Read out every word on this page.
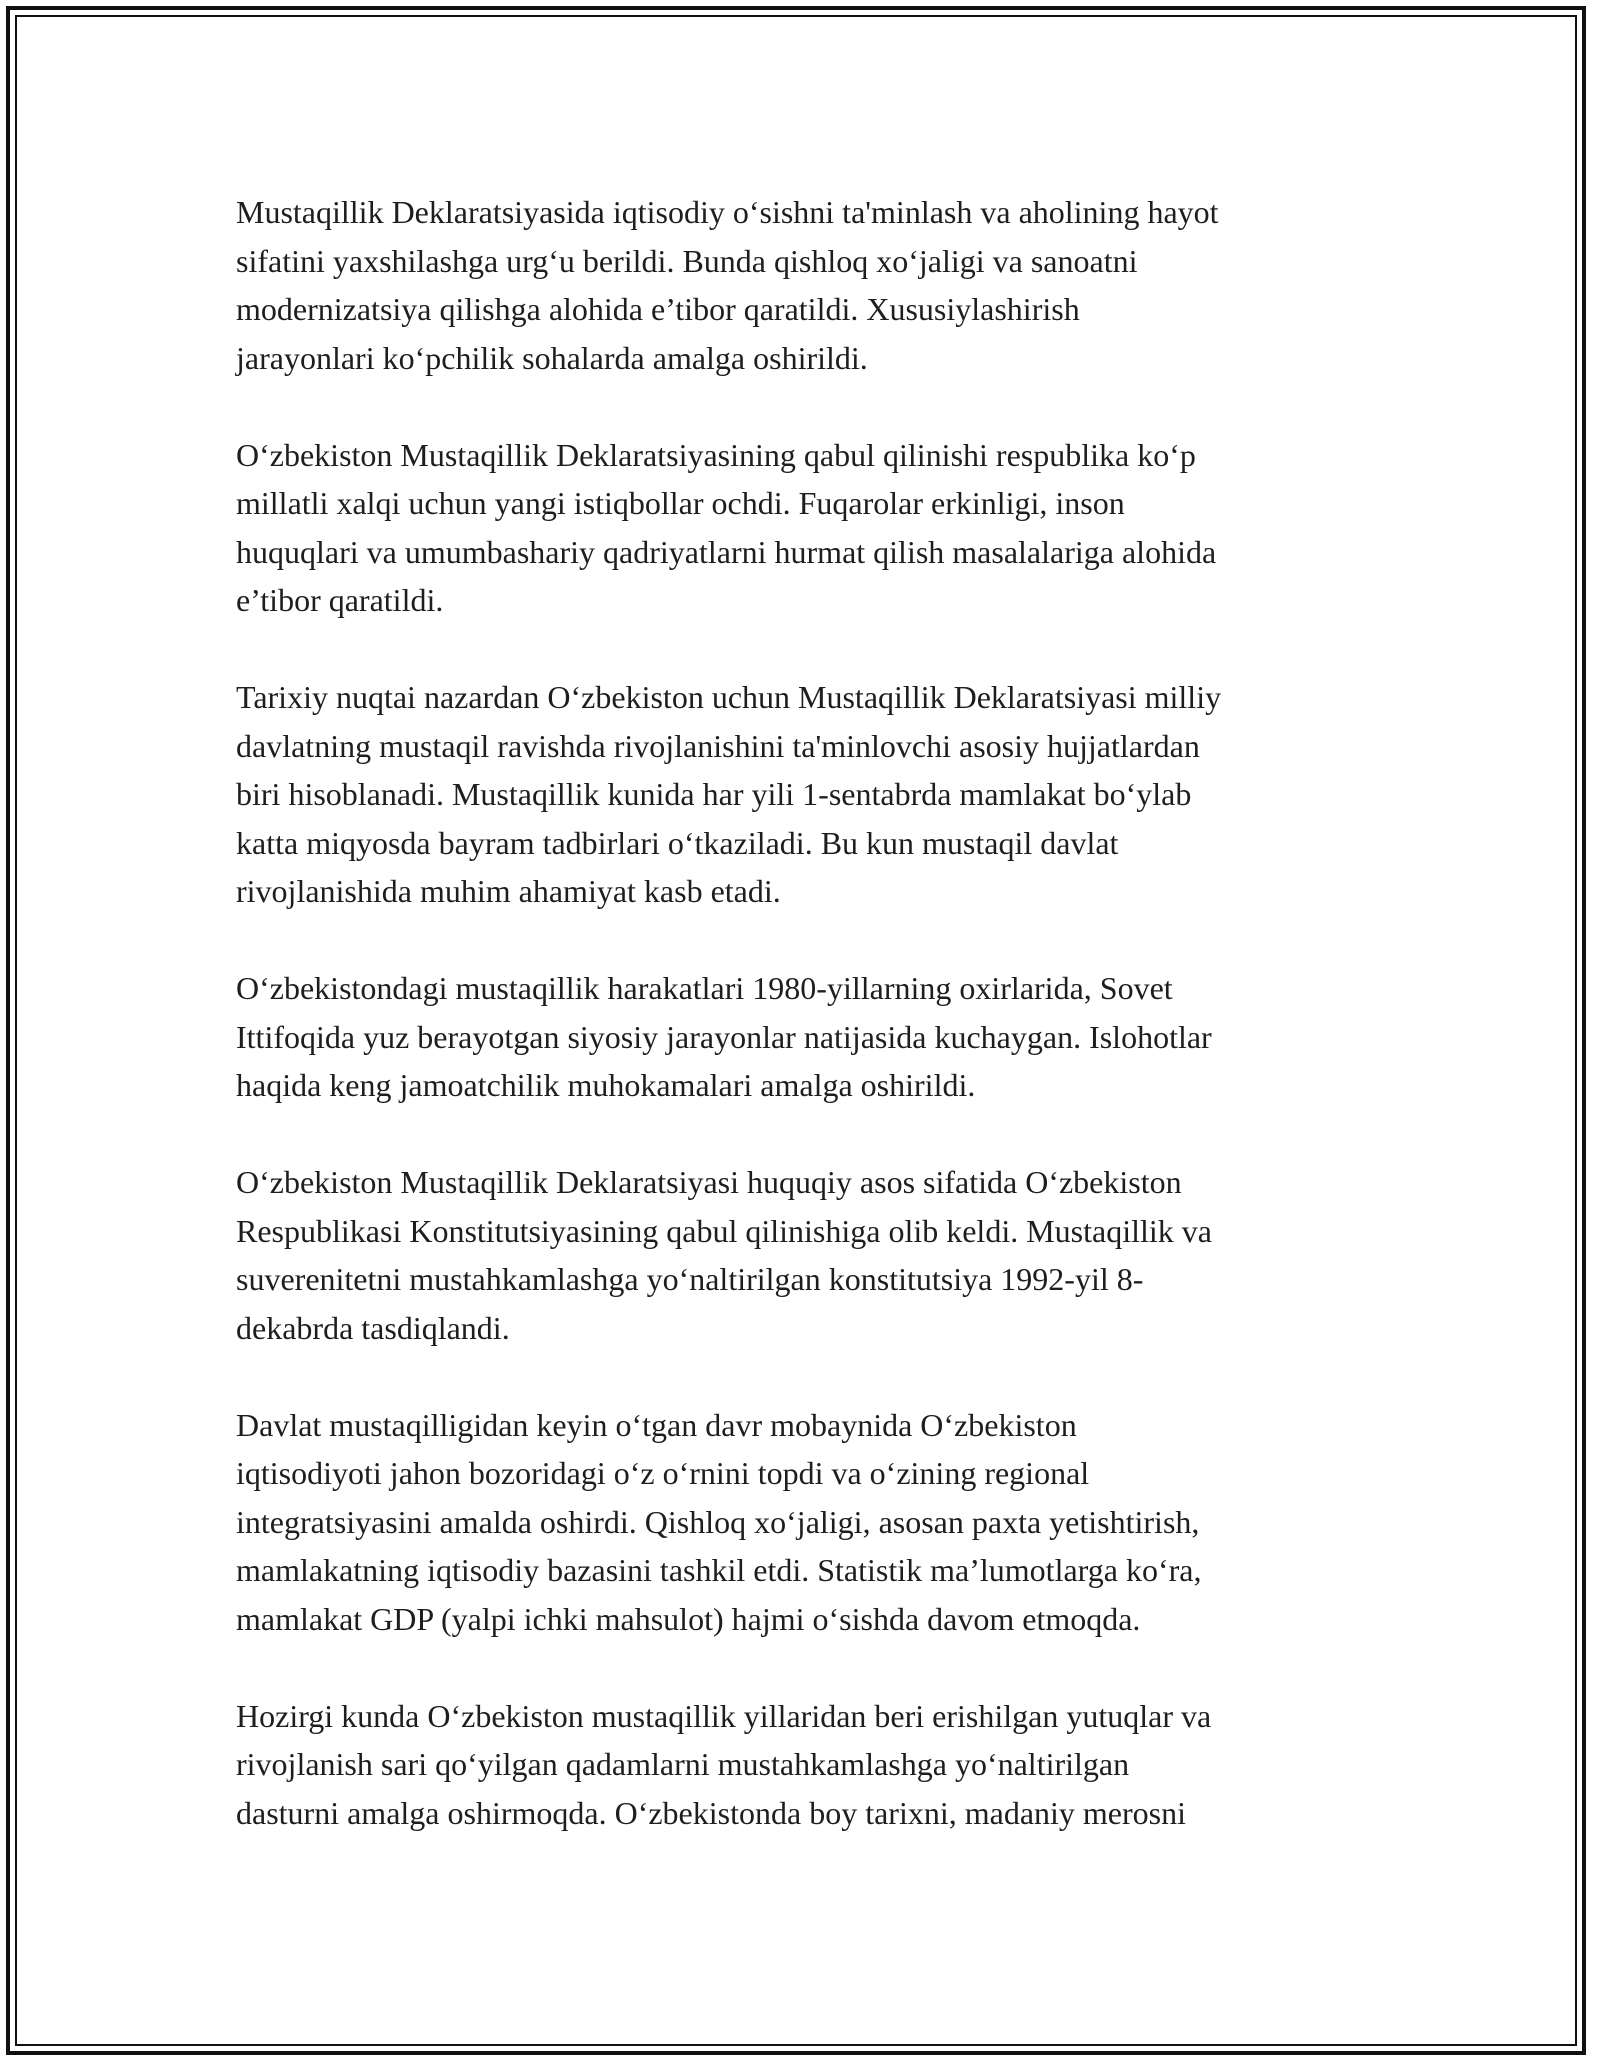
Mustaqillik Deklaratsiyasida iqtisodiy o‘sishni ta'minlash va aholining hayot
sifatini yaxshilashga urg‘u berildi. Bunda qishloq xo‘jaligi va sanoatni
modernizatsiya qilishga alohida e’tibor qaratildi. Xususiylashirish
jarayonlari ko‘pchilik sohalarda amalga oshirildi.

O‘zbekiston Mustaqillik Deklaratsiyasining qabul qilinishi respublika ko‘p
millatli xalqi uchun yangi istiqbollar ochdi. Fuqarolar erkinligi, inson
huquqlari va umumbashariy qadriyatlarni hurmat qilish masalalariga alohida
e’tibor qaratildi.

Tarixiy nuqtai nazardan O‘zbekiston uchun Mustaqillik Deklaratsiyasi milliy
davlatning mustaqil ravishda rivojlanishini ta'minlovchi asosiy hujjatlardan
biri hisoblanadi. Mustaqillik kunida har yili 1-sentabrda mamlakat bo‘ylab
katta miqyosda bayram tadbirlari o‘tkaziladi. Bu kun mustaqil davlat
rivojlanishida muhim ahamiyat kasb etadi.

O‘zbekistondagi mustaqillik harakatlari 1980-yillarning oxirlarida, Sovet
Ittifoqida yuz berayotgan siyosiy jarayonlar natijasida kuchaygan. Islohotlar
haqida keng jamoatchilik muhokamalari amalga oshirildi.

O‘zbekiston Mustaqillik Deklaratsiyasi huquqiy asos sifatida O‘zbekiston
Respublikasi Konstitutsiyasining qabul qilinishiga olib keldi. Mustaqillik va
suverenitetni mustahkamlashga yo‘naltirilgan konstitutsiya 1992-yil 8-
dekabrda tasdiqlandi.

Davlat mustaqilligidan keyin o‘tgan davr mobaynida O‘zbekiston
iqtisodiyoti jahon bozoridagi o‘z o‘rnini topdi va o‘zining regional
integratsiyasini amalda oshirdi. Qishloq xo‘jaligi, asosan paxta yetishtirish,
mamlakatning iqtisodiy bazasini tashkil etdi. Statistik ma’lumotlarga ko‘ra,
mamlakat GDP (yalpi ichki mahsulot) hajmi o‘sishda davom etmoqda.

Hozirgi kunda O‘zbekiston mustaqillik yillaridan beri erishilgan yutuqlar va
rivojlanish sari qo‘yilgan qadamlarni mustahkamlashga yo‘naltirilgan
dasturni amalga oshirmoqda. O‘zbekistonda boy tarixni, madaniy merosni
